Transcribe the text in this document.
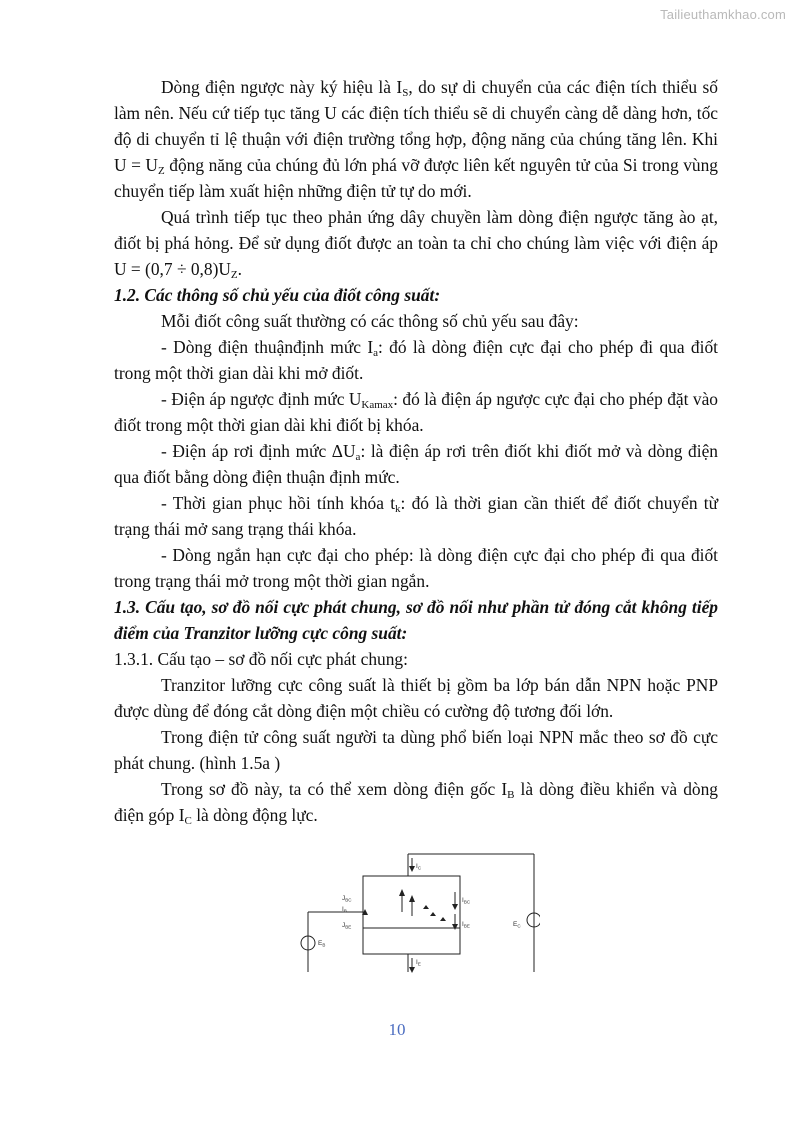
Tailieuthamkhao.com

Dòng điện ngược này ký hiệu là $I_S$, do sự di chuyển của các điện tích thiểu số làm nên. Nếu cứ tiếp tục tăng U các điện tích thiểu sẽ di chuyển càng dễ dàng hơn, tốc độ di chuyển tỉ lệ thuận với điện trường tổng hợp, động năng của chúng tăng lên. Khi $U = U_Z$ động năng của chúng đủ lớn phá vỡ được liên kết nguyên tử của Si trong vùng chuyển tiếp làm xuất hiện những điện tử tự do mới.

Quá trình tiếp tục theo phản ứng dây chuyền làm dòng điện ngược tăng ào ạt, điốt bị phá hỏng. Để sử dụng điốt được an toàn ta chỉ cho chúng làm việc với điện áp $U = (0,7 \div 0,8)U_Z$.

1.2. Các thông số chủ yếu của điốt công suất:

Mỗi điốt công suất thường có các thông số chủ yếu sau đây:

- Dòng điện thuậnđịnh mức $I_a$: đó là dòng điện cực đại cho phép đi qua điốt trong một thời gian dài khi mở điốt.

- Điện áp ngược định mức $U_{Kamax}$: đó là điện áp ngược cực đại cho phép đặt vào điốt trong một thời gian dài khi điốt bị khóa.

- Điện áp rơi định mức $\Delta U_a$: là điện áp rơi trên điốt khi điốt mở và dòng điện qua điốt bằng dòng điện thuận định mức.

- Thời gian phục hồi tính khóa $t_k$: đó là thời gian cần thiết để điốt chuyển từ trạng thái mở sang trạng thái khóa.

- Dòng ngắn hạn cực đại cho phép: là dòng điện cực đại cho phép đi qua điốt trong trạng thái mở trong một thời gian ngắn.

1.3. Cấu tạo, sơ đồ nối cực phát chung, sơ đồ nối như phần tử đóng cắt không tiếp điểm của Tranzitor lưỡng cực công suất:

1.3.1. Cấu tạo – sơ đồ nối cực phát chung:

Tranzitor lưỡng cực công suất là thiết bị gồm ba lớp bán dẫn NPN hoặc PNP được dùng để đóng cắt dòng điện một chiều có cường độ tương đối lớn.

Trong điện tử công suất người ta dùng phổ biến loại NPN mắc theo sơ đồ cực phát chung. (hình 1.5a )

Trong sơ đồ này, ta có thể xem dòng điện gốc $I_B$ là dòng điều khiển và dòng điện góp $I_C$ là dòng động lực.

$I_C$
$I_E$
$J_{BC}$
$I_B$
$J_{BE}$
$I_{BC}$
$I_{BE}$
$E_B$
$E_C$
10
